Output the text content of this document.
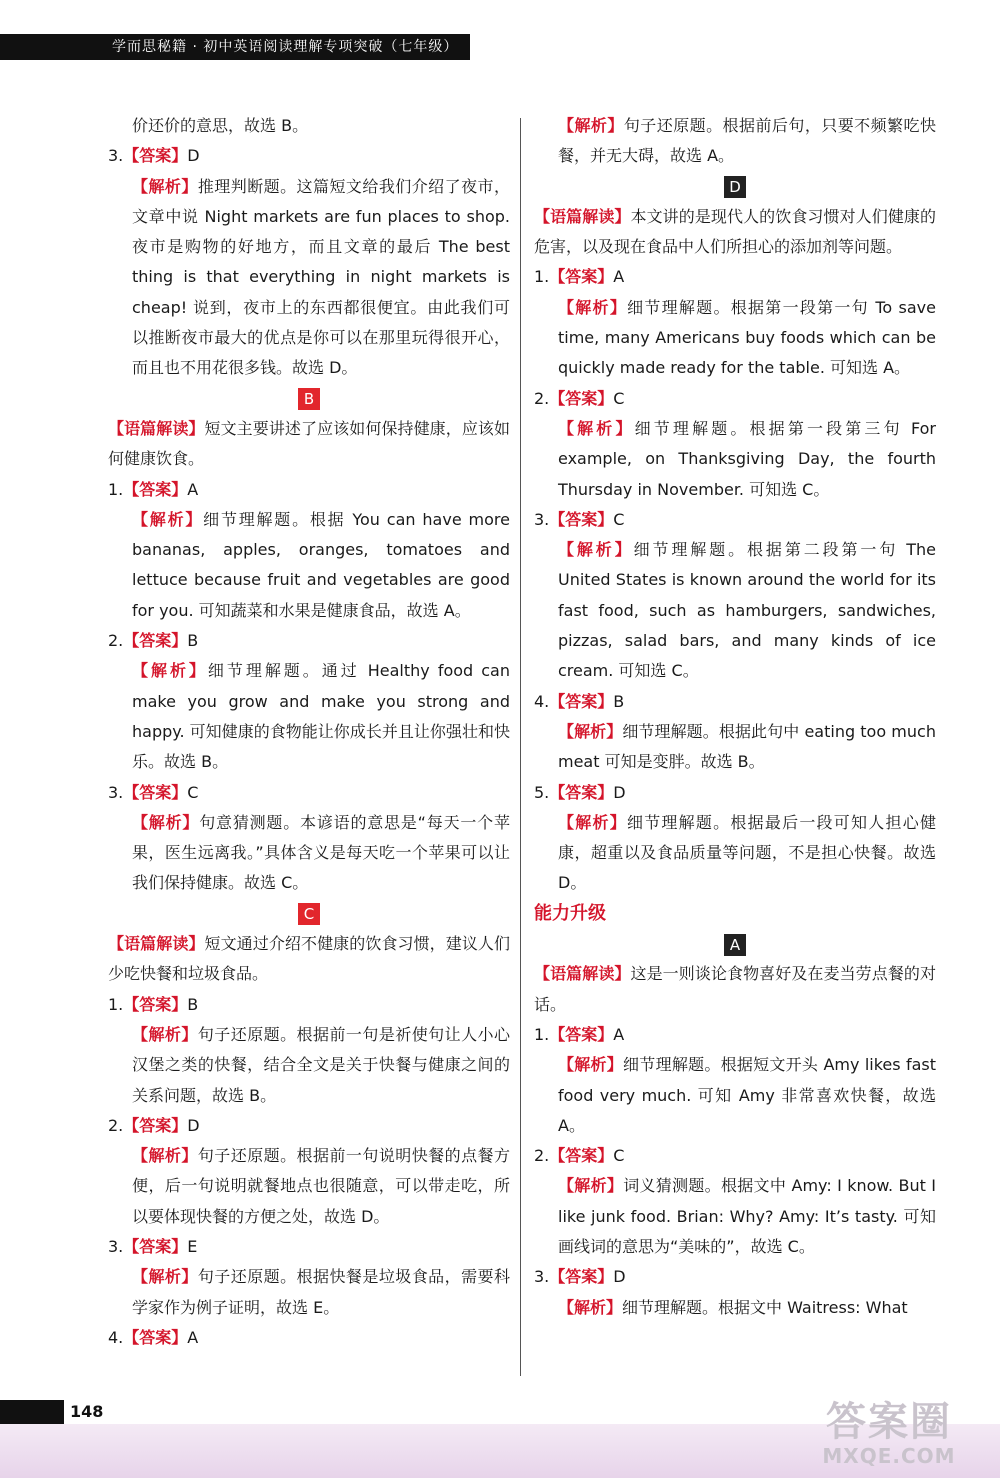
学而思秘籍 · 初中英语阅读理解专项突破（七年级）

价还价的意思，故选 B。

3.【答案】D

【解析】推理判断题。这篇短文给我们介绍了夜市，文章中说 Night markets are fun places to shop. 夜市是购物的好地方，而且文章的最后 The best thing is that everything in night markets is cheap! 说到，夜市上的东西都很便宜。由此我们可以推断夜市最大的优点是你可以在那里玩得很开心，而且也不用花很多钱。故选 D。

B

【语篇解读】短文主要讲述了应该如何保持健康，应该如何健康饮食。

1.【答案】A

【解析】细节理解题。根据 You can have more bananas, apples, oranges, tomatoes and lettuce because fruit and vegetables are good for you. 可知蔬菜和水果是健康食品，故选 A。

2.【答案】B

【解析】细节理解题。通过 Healthy food can make you grow and make you strong and happy. 可知健康的食物能让你成长并且让你强壮和快乐。故选 B。

3.【答案】C

【解析】句意猜测题。本谚语的意思是“每天一个苹果，医生远离我。”具体含义是每天吃一个苹果可以让我们保持健康。故选 C。

C

【语篇解读】短文通过介绍不健康的饮食习惯，建议人们少吃快餐和垃圾食品。

1.【答案】B

【解析】句子还原题。根据前一句是祈使句让人小心汉堡之类的快餐，结合全文是关于快餐与健康之间的关系问题，故选 B。

2.【答案】D

【解析】句子还原题。根据前一句说明快餐的点餐方便，后一句说明就餐地点也很随意，可以带走吃，所以要体现快餐的方便之处，故选 D。

3.【答案】E

【解析】句子还原题。根据快餐是垃圾食品，需要科学家作为例子证明，故选 E。

4.【答案】A

【解析】句子还原题。根据前后句，只要不频繁吃快餐，并无大碍，故选 A。

D

【语篇解读】本文讲的是现代人的饮食习惯对人们健康的危害，以及现在食品中人们所担心的添加剂等问题。

1.【答案】A

【解析】细节理解题。根据第一段第一句 To save time, many Americans buy foods which can be quickly made ready for the table. 可知选 A。

2.【答案】C

【解析】细节理解题。根据第一段第三句 For example, on Thanksgiving Day, the fourth Thursday in November. 可知选 C。

3.【答案】C

【解析】细节理解题。根据第二段第一句 The United States is known around the world for its fast food, such as hamburgers, sandwiches, pizzas, salad bars, and many kinds of ice cream. 可知选 C。

4.【答案】B

【解析】细节理解题。根据此句中 eating too much meat 可知是变胖。故选 B。

5.【答案】D

【解析】细节理解题。根据最后一段可知人担心健康，超重以及食品质量等问题，不是担心快餐。故选 D。

能力升级

A

【语篇解读】这是一则谈论食物喜好及在麦当劳点餐的对话。

1.【答案】A

【解析】细节理解题。根据短文开头 Amy likes fast food very much. 可知 Amy 非常喜欢快餐，故选 A。

2.【答案】C

【解析】词义猜测题。根据文中 Amy: I know. But I like junk food. Brian: Why? Amy: It’s tasty. 可知画线词的意思为“美味的”，故选 C。

3.【答案】D

【解析】细节理解题。根据文中 Waitress: What

148	答案圈
MXQE.COM
